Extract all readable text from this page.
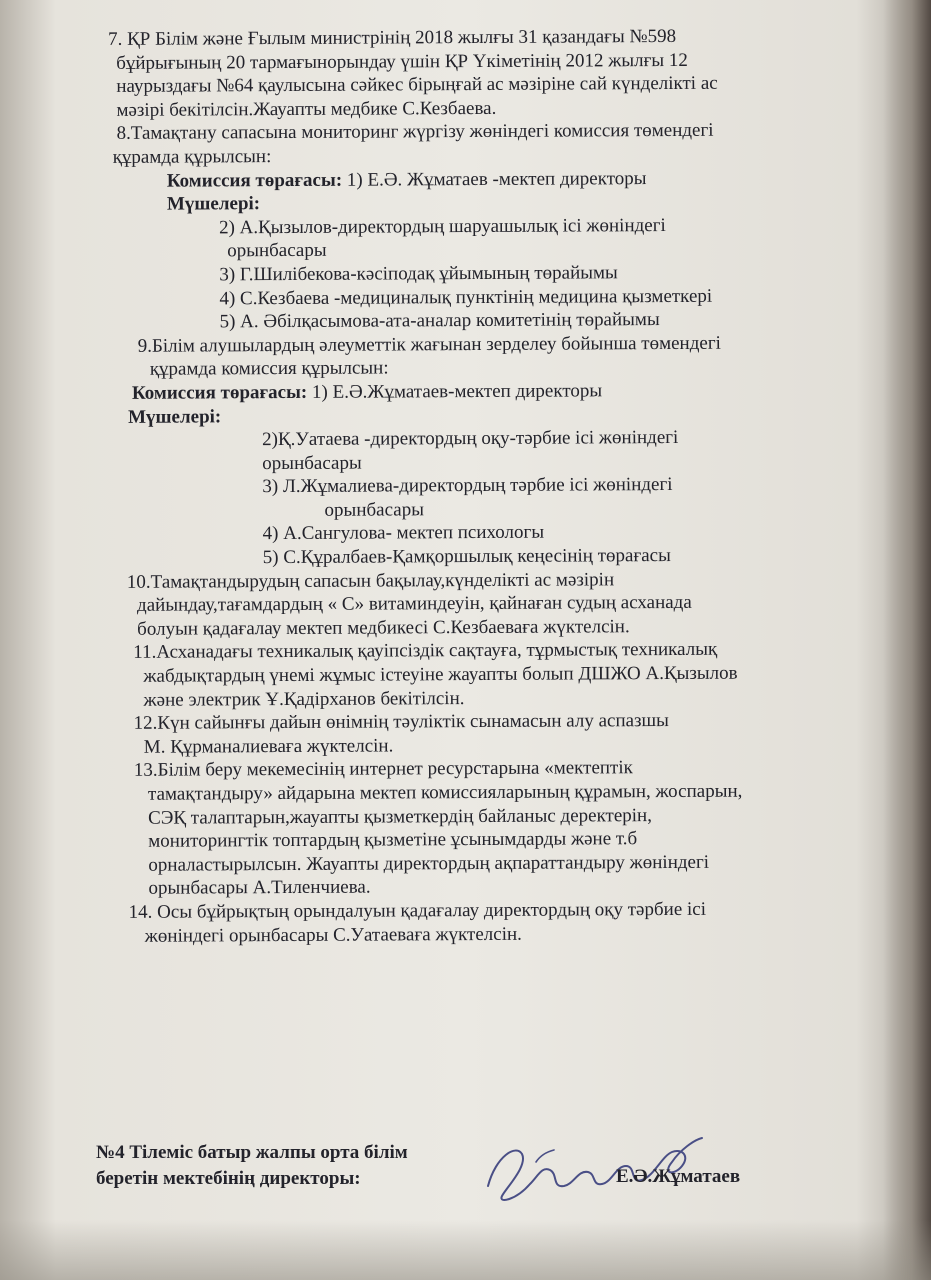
7. ҚР Білім және Ғылым министрінің 2018 жылғы 31 қазандағы №598
бұйрығының 20 тармағынорындау үшін ҚР Үкіметінің 2012 жылғы 12
наурыздағы №64 қаулысына сәйкес бірыңғай ас мәзіріне сай күнделікті ас
мәзірі бекітілсін.Жауапты медбике С.Кезбаева.
8.Тамақтану сапасына мониторинг жүргізу жөніндегі комиссия төмендегі
құрамда құрылсын:
Комиссия төрағасы: 1) Е.Ә. Жұматаев -мектеп директоры
Мүшелері:
2) А.Қызылов-директордың шаруашылық ісі жөніндегі
орынбасары
3) Г.Шилібекова-кәсіподақ ұйымының төрайымы
4) С.Кезбаева -медициналық пунктінің медицина қызметкері
5) А. Әбілқасымова-ата-аналар комитетінің төрайымы
9.Білім алушылардың әлеуметтік жағынан зерделеу бойынша төмендегі
құрамда комиссия құрылсын:
Комиссия төрағасы: 1) Е.Ә.Жұматаев-мектеп директоры
Мүшелері:
2)Қ.Уатаева -директордың оқу-тәрбие ісі жөніндегі
орынбасары
3) Л.Жұмалиева-директордың тәрбие ісі жөніндегі
орынбасары
4) А.Сангулова- мектеп психологы
5) С.Құралбаев-Қамқоршылық кеңесінің төрағасы
10.Тамақтандырудың сапасын бақылау,күнделікті ас мәзірін
дайындау,тағамдардың « С» витаминдеуін, қайнаған судың асханада
болуын қадағалау мектеп медбикесі С.Кезбаеваға жүктелсін.
11.Асханадағы техникалық қауіпсіздік сақтауға, тұрмыстық техникалық
жабдықтардың үнемі жұмыс істеуіне жауапты болып ДШЖО А.Қызылов
және электрик Ұ.Қадірханов бекітілсін.
12.Күн сайынғы дайын өнімнің тәуліктік сынамасын алу аспазшы
М. Құрманалиеваға жүктелсін.
13.Білім беру мекемесінің интернет ресурстарына «мектептік
тамақтандыру» айдарына мектеп комиссияларының құрамын, жоспарын,
СЭҚ талаптарын,жауапты қызметкердің байланыс деректерін,
мониторингтік топтардың қызметіне ұсынымдарды және т.б
орналастырылсын. Жауапты директордың ақпараттандыру жөніндегі
орынбасары А.Тиленчиева.
14. Осы бұйрықтың орындалуын қадағалау директордың оқу тәрбие ісі
жөніндегі орынбасары С.Уатаеваға жүктелсін.
№4 Тілеміс батыр жалпы орта білім
беретін мектебінің директоры:	Е.Ә.Жұматаев
